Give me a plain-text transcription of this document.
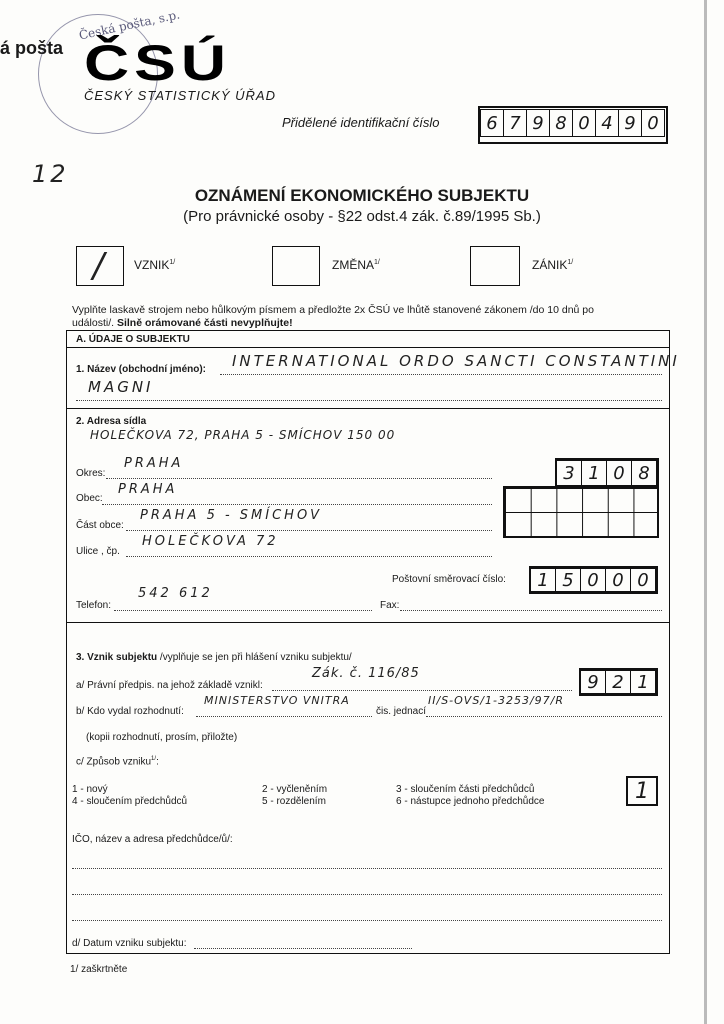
Česká pošta, s.p.
á pošta ČSÚ
ČESKÝ STATISTICKÝ ÚŘAD
Přidělené identifikační číslo	6 7 9 8 0 4 9 0
12
OZNÁMENÍ EKONOMICKÉHO SUBJEKTU
(Pro právnické osoby - §22 odst.4 zák. č.89/1995 Sb.)
/	$VZNIK^{1/}$	$ZMĚNA^{1/}$	$ZÁNIK^{1/}$
Vyplňte laskavě strojem nebo hůlkovým písmem a předložte 2x ČSÚ ve lhůtě stanovené zákonem /do 10 dnů po
události/. Silně orámované části nevyplňujte!
A. ÚDAJE O SUBJEKTU
1. Název (obchodní jméno): INTERNATIONAL ORDO SANCTI CONSTANTINI
MAGNI
2. Adresa sídla
HOLEČKOVA 72, PRAHA 5 - SMÍCHOV 150 00
Okres:
PRAHA	3 1 0 8
Obec:
PRAHA
Část obce:
PRAHA 5 - SMÍCHOV
Ulice , čp.
HOLEČKOVA 72
Poštovní směrovací číslo:	1 5 0 0 0
Telefon:
542 612
Fax:
3. Vznik subjektu /vyplňuje se jen při hlášení vzniku subjektu/
a/ Právní předpis. na jehož základě vznikl:
Zák. č. 116/85	9 2 1
b/ Kdo vydal rozhodnutí:
MINISTERSTVO VNITRA
čis. jednací
II/S-OVS/1-3253/97/R
(kopii rozhodnutí, prosím, přiložte)
c/ Způsob vzniku$^{1/}$:
1 - nový
4 - sloučením předchůdců
2 - vyčleněním
5 - rozdělením
3 - sloučením části předchůdců
6 - nástupce jednoho předchůdce	1
IČO, název a adresa předchůdce/ů/:
d/ Datum vzniku subjektu:
1/ zaškrtněte
